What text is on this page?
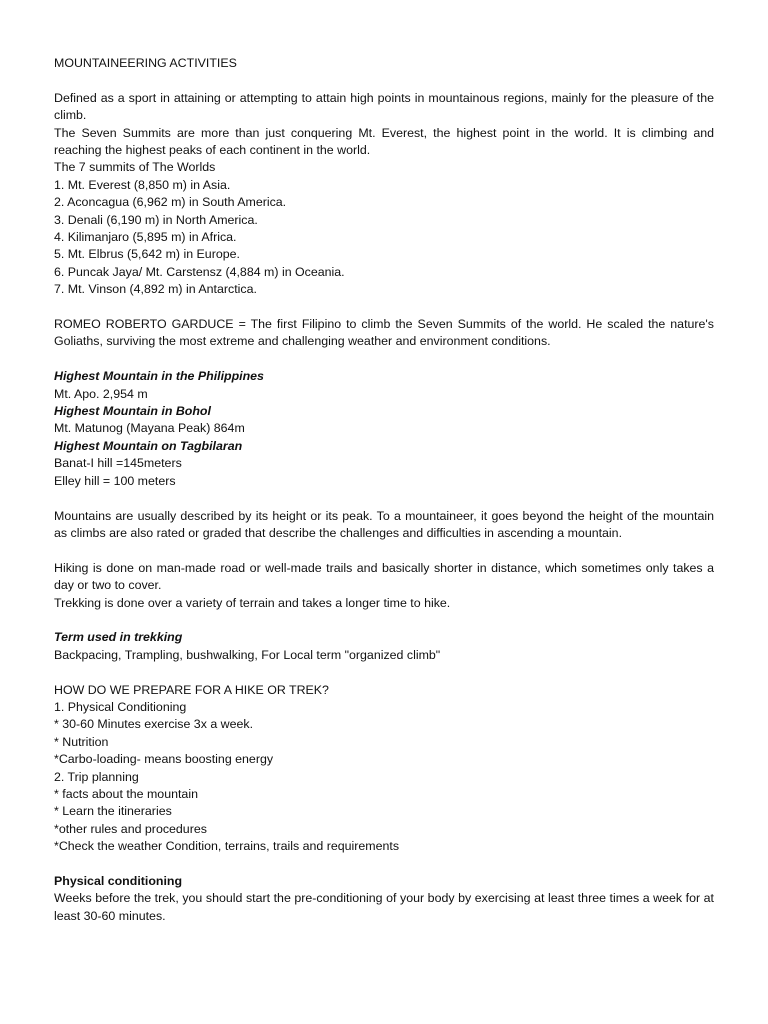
MOUNTAINEERING ACTIVITIES

Defined as a sport in attaining or attempting to attain high points in mountainous regions, mainly for the pleasure of the climb.

The Seven Summits are more than just conquering Mt. Everest, the highest point in the world. It is climbing and reaching the highest peaks of each continent in the world.

The 7 summits of The Worlds

1. Mt. Everest (8,850 m) in Asia.

2. Aconcagua (6,962 m) in South America.

3. Denali (6,190 m) in North America.

4. Kilimanjaro (5,895 m) in Africa.

5. Mt. Elbrus (5,642 m) in Europe.

6. Puncak Jaya/ Mt. Carstensz (4,884 m) in Oceania.

7. Mt. Vinson (4,892 m) in Antarctica.

ROMEO ROBERTO GARDUCE = The first Filipino to climb the Seven Summits of the world. He scaled the nature's Goliaths, surviving the most extreme and challenging weather and environment conditions.

Highest Mountain in the Philippines

Mt. Apo. 2,954 m

Highest Mountain in Bohol

Mt. Matunog (Mayana Peak) 864m

Highest Mountain on Tagbilaran

Banat-I hill =145meters

Elley hill = 100 meters

Mountains are usually described by its height or its peak. To a mountaineer, it goes beyond the height of the mountain as climbs are also rated or graded that describe the challenges and difficulties in ascending a mountain.

Hiking is done on man-made road or well-made trails and basically shorter in distance, which sometimes only takes a day or two to cover.

Trekking is done over a variety of terrain and takes a longer time to hike.

Term used in trekking

Backpacing, Trampling, bushwalking, For Local term "organized climb"

HOW DO WE PREPARE FOR A HIKE OR TREK?

1. Physical Conditioning

* 30-60 Minutes exercise 3x a week.

* Nutrition

*Carbo-loading- means boosting energy

2. Trip planning

* facts about the mountain

* Learn the itineraries

*other rules and procedures

*Check the weather Condition, terrains, trails and requirements

Physical conditioning

Weeks before the trek, you should start the pre-conditioning of your body by exercising at least three times a week for at least 30-60 minutes.
